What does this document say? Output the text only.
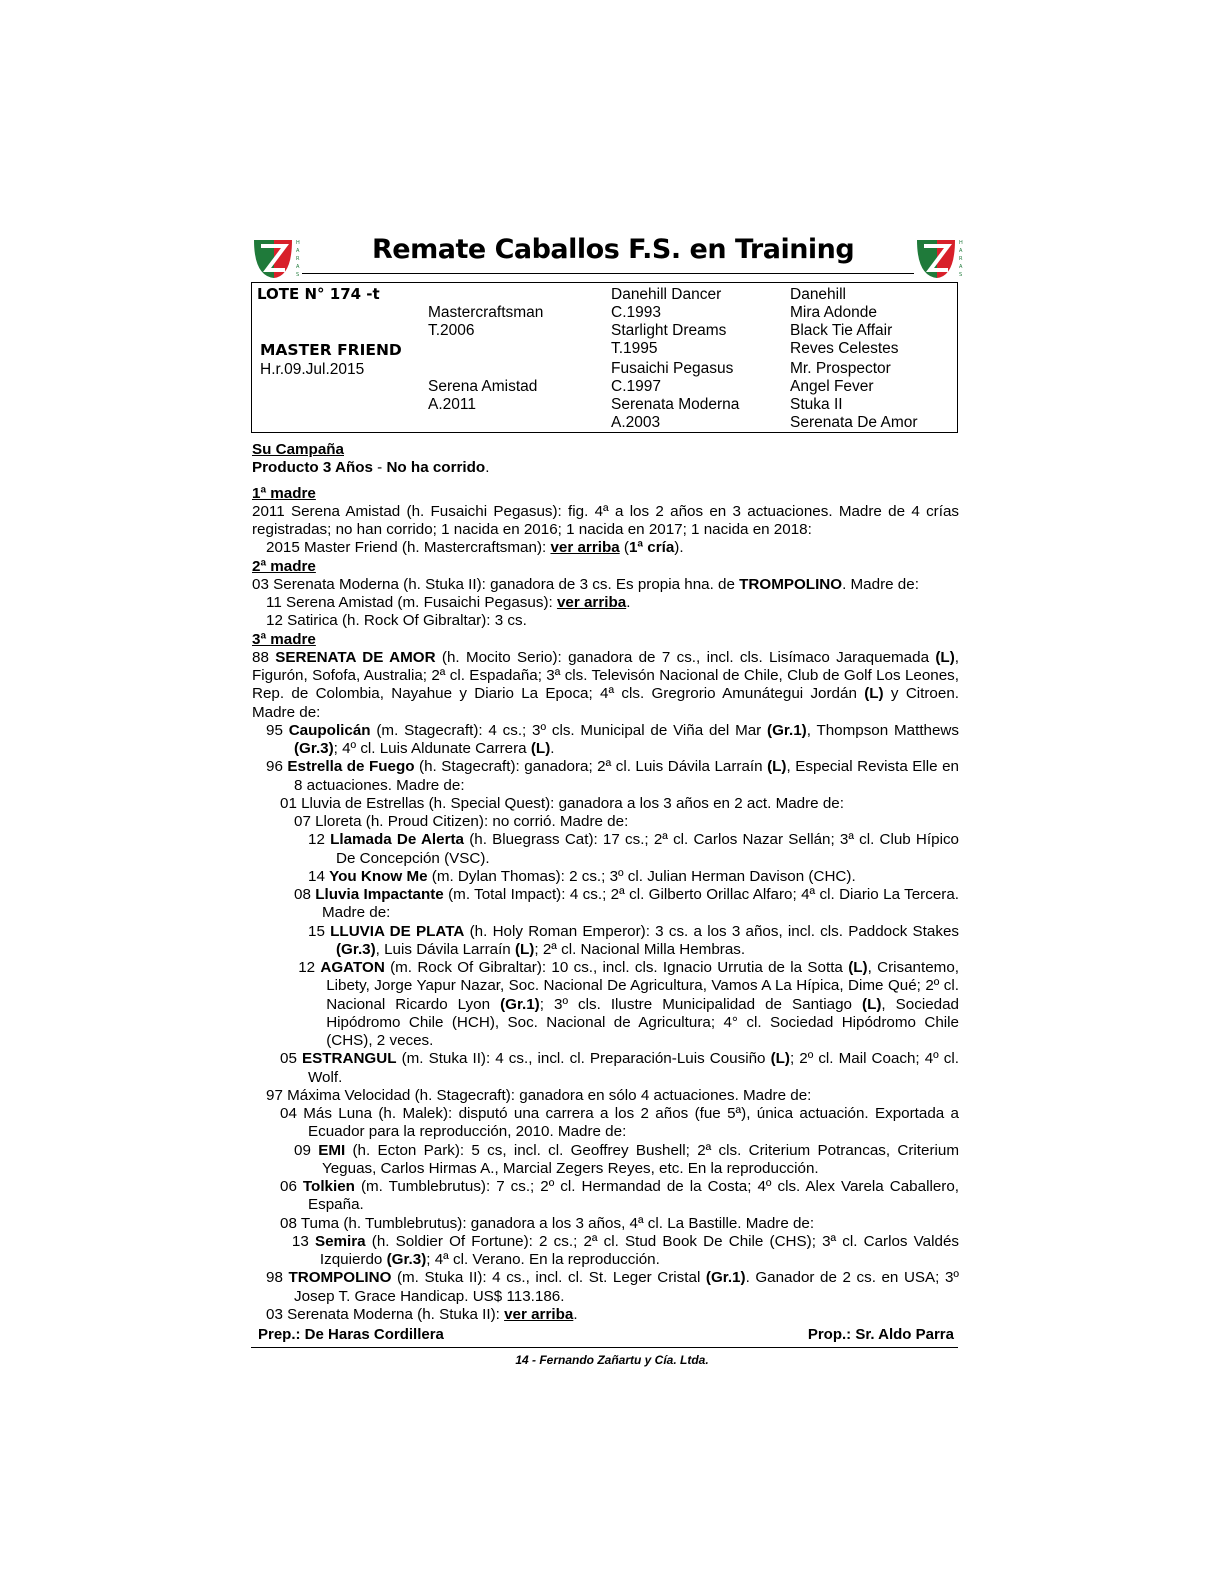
H
A
R
A
S
H
A
R
A
S
Remate Caballos F.S. en Training
LOTE N° 174 -t
MASTER FRIEND
H.r.09.Jul.2015
Mastercraftsman
T.2006
Serena Amistad
A.2011
Danehill Dancer
C.1993
Starlight Dreams
T.1995
Fusaichi Pegasus
C.1997
Serenata Moderna
A.2003
Danehill
Mira Adonde
Black Tie Affair
Reves Celestes
Mr. Prospector
Angel Fever
Stuka II
Serenata De Amor

Su Campaña

Producto 3 Años - No ha corrido.

1ª madre

2011 Serena Amistad (h. Fusaichi Pegasus): fig. 4ª a los 2 años en 3 actuaciones. Madre de 4 crías registradas; no han corrido; 1 nacida en 2016; 1 nacida en 2017; 1 nacida en 2018:

2015 Master Friend (h. Mastercraftsman): ver arriba (1ª cría).

2ª madre

03 Serenata Moderna (h. Stuka II): ganadora de 3 cs. Es propia hna. de TROMPOLINO. Madre de:

11 Serena Amistad (m. Fusaichi Pegasus): ver arriba.

12 Satirica (h. Rock Of Gibraltar): 3 cs.

3ª madre

88 SERENATA DE AMOR (h. Mocito Serio): ganadora de 7 cs., incl. cls. Lisímaco Jaraquemada (L), Figurón, Sofofa, Australia; 2ª cl. Espadaña; 3ª cls. Televisón Nacional de Chile, Club de Golf Los Leones, Rep. de Colombia, Nayahue y Diario La Epoca; 4ª cls. Gregrorio Amunátegui Jordán (L) y Citroen. Madre de:

95 Caupolicán (m. Stagecraft): 4 cs.; 3º cls. Municipal de Viña del Mar (Gr.1), Thompson Matthews (Gr.3); 4º cl. Luis Aldunate Carrera (L).

96 Estrella de Fuego (h. Stagecraft): ganadora; 2ª cl. Luis Dávila Larraín (L), Especial Revista Elle en 8 actuaciones. Madre de:

01 Lluvia de Estrellas (h. Special Quest): ganadora a los 3 años en 2 act. Madre de:

07 Lloreta (h. Proud Citizen): no corrió. Madre de:

12 Llamada De Alerta (h. Bluegrass Cat): 17 cs.; 2ª cl. Carlos Nazar Sellán; 3ª cl. Club Hípico De Concepción (VSC).

14 You Know Me (m. Dylan Thomas): 2 cs.; 3º cl. Julian Herman Davison (CHC).

08 Lluvia Impactante (m. Total Impact): 4 cs.; 2ª cl. Gilberto Orillac Alfaro; 4ª cl. Diario La Tercera. Madre de:

15 LLUVIA DE PLATA (h. Holy Roman Emperor): 3 cs. a los 3 años, incl. cls. Paddock Stakes (Gr.3), Luis Dávila Larraín (L); 2ª cl. Nacional Milla Hembras.

12 AGATON (m. Rock Of Gibraltar): 10 cs., incl. cls. Ignacio Urrutia de la Sotta (L), Crisantemo, Libety, Jorge Yapur Nazar, Soc. Nacional De Agricultura, Vamos A La Hípica, Dime Qué; 2º cl. Nacional Ricardo Lyon (Gr.1); 3º cls. Ilustre Municipalidad de Santiago (L), Sociedad Hipódromo Chile (HCH), Soc. Nacional de Agricultura; 4° cl. Sociedad Hipódromo Chile (CHS), 2 veces.

05 ESTRANGUL (m. Stuka II): 4 cs., incl. cl. Preparación-Luis Cousiño (L); 2º cl. Mail Coach; 4º cl. Wolf.

97 Máxima Velocidad (h. Stagecraft): ganadora en sólo 4 actuaciones. Madre de:

04 Más Luna (h. Malek): disputó una carrera a los 2 años (fue 5ª), única actuación. Exportada a Ecuador para la reproducción, 2010. Madre de:

09 EMI (h. Ecton Park): 5 cs, incl. cl. Geoffrey Bushell; 2ª cls. Criterium Potrancas, Criterium Yeguas, Carlos Hirmas A., Marcial Zegers Reyes, etc. En la reproducción.

06 Tolkien (m. Tumblebrutus): 7 cs.; 2º cl. Hermandad de la Costa; 4º cls. Alex Varela Caballero, España.

08 Tuma (h. Tumblebrutus): ganadora a los 3 años, 4ª cl. La Bastille. Madre de:

13 Semira (h. Soldier Of Fortune): 2 cs.; 2ª cl. Stud Book De Chile (CHS); 3ª cl. Carlos Valdés Izquierdo (Gr.3); 4ª cl. Verano. En la reproducción.

98 TROMPOLINO (m. Stuka II): 4 cs., incl. cl. St. Leger Cristal (Gr.1). Ganador de 2 cs. en USA; 3º Josep T. Grace Handicap. US$ 113.186.

03 Serenata Moderna (h. Stuka II): ver arriba.

Prep.: De Haras Cordillera	Prop.: Sr. Aldo Parra
14 - Fernando Zañartu y Cía. Ltda.
